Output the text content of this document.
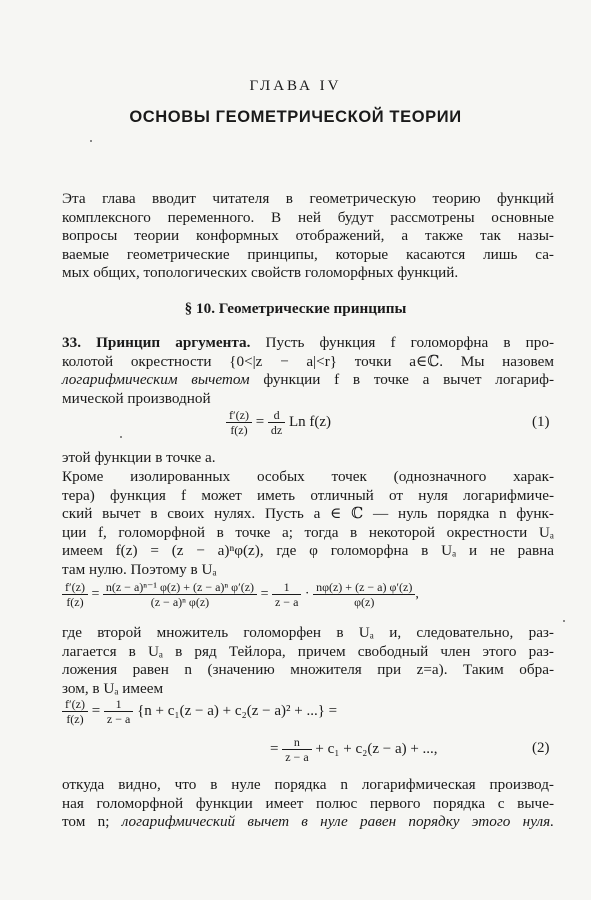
ГЛАВА IV
ОСНОВЫ ГЕОМЕТРИЧЕСКОЙ ТЕОРИИ
Эта глава вводит читателя в геометрическую теорию функций
комплексного переменного. В ней будут рассмотрены основные
вопросы теории конформных отображений, а также так назы-
ваемые геометрические принципы, которые касаются лишь са-
мых общих, топологических свойств голоморфных функций.
§ 10. Геометрические принципы
33. Принцип аргумента. Пусть функция f голоморфна в про-
колотой окрестности {0<|z − a|<r} точки a∈ℂ. Мы назовем
логарифмическим вычетом функции f в точке a вычет логариф-
мической производной
$\frac{f'(z)}{f(z)} = \frac{d}{dz}$ Ln f(z)	(1)
этой функции в точке a.
Кроме изолированных особых точек (однозначного харак-
тера) функция f может иметь отличный от нуля логарифмиче-
ский вычет в своих нулях. Пусть a ∈ ℂ — нуль порядка n функ-
ции f, голоморфной в точке a; тогда в некоторой окрестности Uₐ
имеем f(z) = (z − a)ⁿφ(z), где φ голоморфна в Uₐ и не равна
там нулю. Поэтому в Uₐ
$\frac{f'(z)}{f(z)} = \frac{\text{n(z − a)ⁿ⁻¹ φ(z) + (z − a)ⁿ φ′(z)}}{\text{(z − a)ⁿ φ(z)}} = \frac{1}{z - a} \cdot \frac{n\varphi(z) + (z - a) \varphi'(z)}{\varphi(z)}$ ,
где второй множитель голоморфен в Uₐ и, следовательно, раз-
лагается в Uₐ в ряд Тейлора, причем свободный член этого раз-
ложения равен n (значению множителя при z=a). Таким обра-
зом, в Uₐ имеем
$\frac{f'(z)}{f(z)} = \frac{1}{z - a} \{n + c_1(z - a) + c_2(z - a)^2$ + ...} =
= $\frac{n}{z - a} + c_1 + c_2(z - a)$ + ...,	(2)
откуда видно, что в нуле порядка n логарифмическая производ-
ная голоморфной функции имеет полюс первого порядка с выче-
том n; логарифмический вычет в нуле равен порядку этого нуля.
